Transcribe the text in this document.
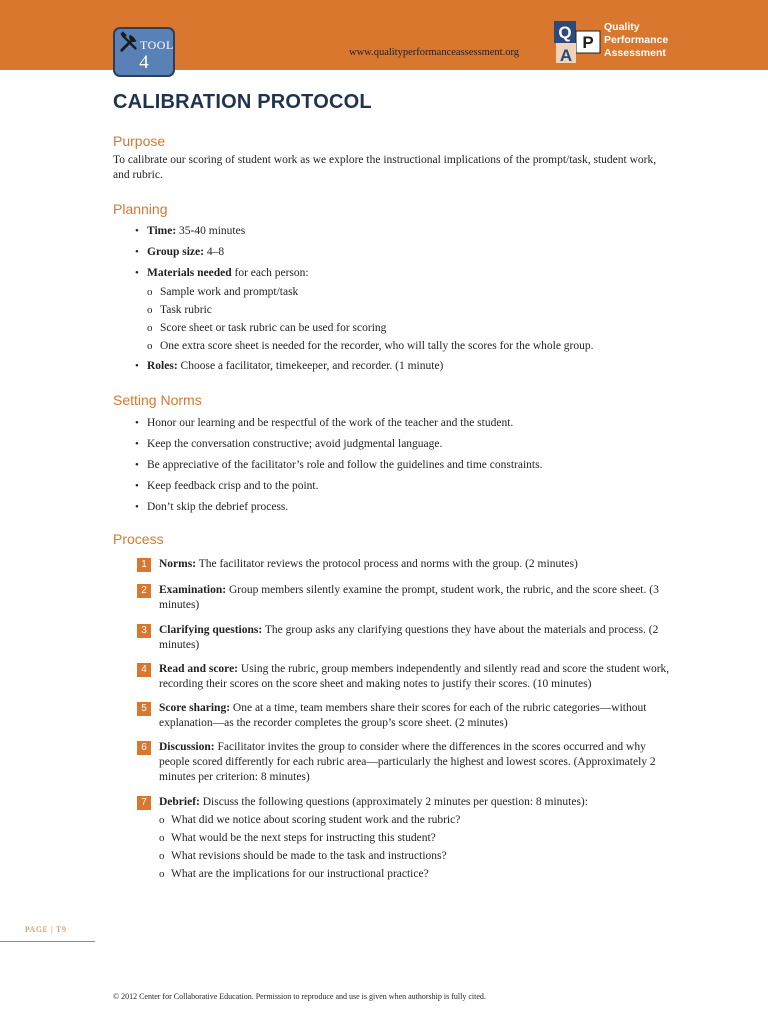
TOOL
4	www.qualityperformanceassessment.org
Q
P
A
Quality
Performance
Assessment
CALIBRATION PROTOCOL
Purpose

To calibrate our scoring of student work as we explore the instructional implications of the prompt/task, student work, and rubric.

Planning
• Time: 35-40 minutes
• Group size: 4–8
• Materials needed for each person:
o Sample work and prompt/task
o Task rubric
o Score sheet or task rubric can be used for scoring
o One extra score sheet is needed for the recorder, who will tally the scores for the whole group.
• Roles: Choose a facilitator, timekeeper, and recorder. (1 minute)
Setting Norms
• Honor our learning and be respectful of the work of the teacher and the student.
• Keep the conversation constructive; avoid judgmental language.
• Be appreciative of the facilitator’s role and follow the guidelines and time constraints.
• Keep feedback crisp and to the point.
• Don’t skip the debrief process.
Process
1	Norms: The facilitator reviews the protocol process and norms with the group. (2 minutes)
2	Examination: Group members silently examine the prompt, student work, the rubric, and the score sheet. (3 minutes)
3	Clarifying questions: The group asks any clarifying questions they have about the materials and process. (2 minutes)
4	Read and score: Using the rubric, group members independently and silently read and score the student work, recording their scores on the score sheet and making notes to justify their scores. (10 minutes)
5	Score sharing: One at a time, team members share their scores for each of the rubric categories—without explanation—as the recorder completes the group’s score sheet. (2 minutes)
6	Discussion: Facilitator invites the group to consider where the differences in the scores occurred and why people scored differently for each rubric area—particularly the highest and lowest scores. (Approximately 2 minutes per criterion: 8 minutes)
7	Debrief: Discuss the following questions (approximately 2 minutes per question: 8 minutes):
o What did we notice about scoring student work and the rubric?
o What would be the next steps for instructing this student?
o What revisions should be made to the task and instructions?
o What are the implications for our instructional practice?
PAGE | T9
© 2012 Center for Collaborative Education. Permission to reproduce and use is given when authorship is fully cited.
